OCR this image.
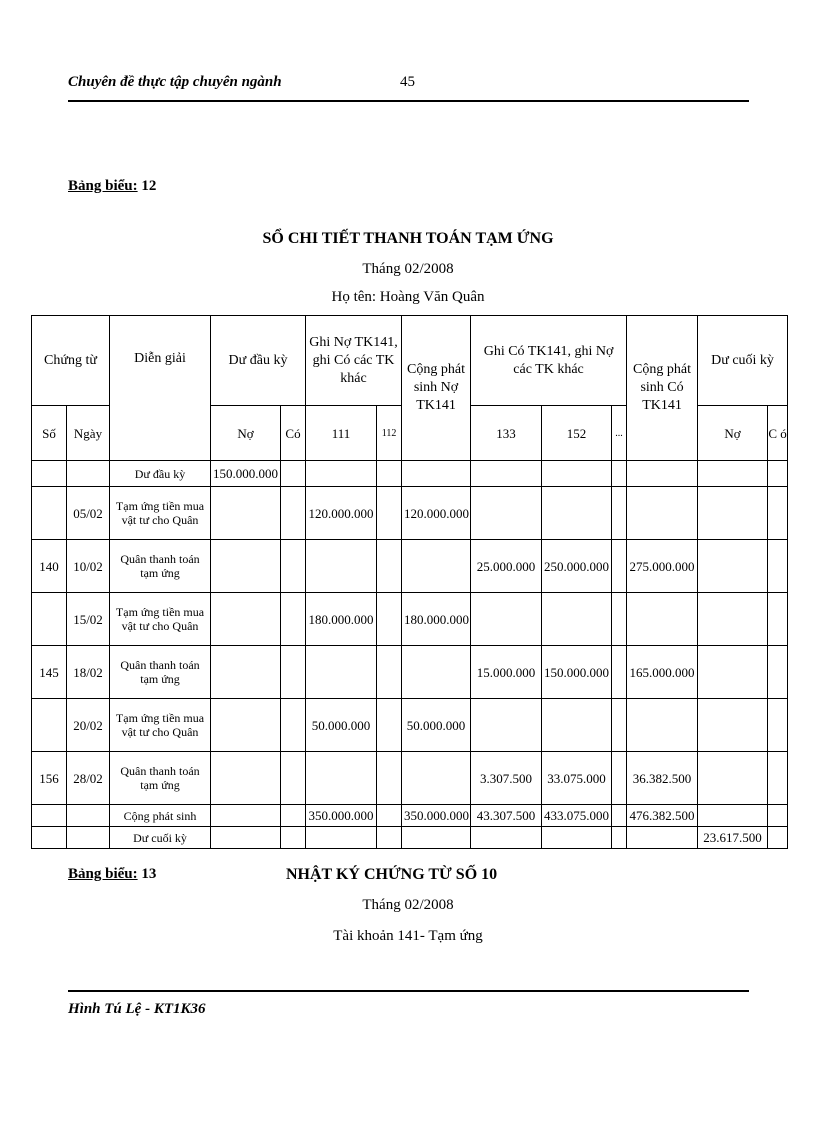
Chuyên đề thực tập chuyên ngành	45
Bảng biểu: 12
SỔ CHI TIẾT THANH TOÁN TẠM ỨNG
Tháng 02/2008
Họ tên: Hoàng Văn Quân
Chứng từ		Diễn giải	Dư đầu kỳ		Ghi Nợ TK141, ghi Có các TK khác		Cộng phát sinh Nợ TK141	Ghi Có TK141, ghi Nợ các TK khác			Cộng phát sinh Có TK141	Dư cuối kỳ	
Số	Ngày		Nợ	Có	111	112		133	152	...		Nợ	C ó
		Dư đầu kỳ	150.000.000										
	05/02	Tạm ứng tiền mua vật tư cho Quân			120.000.000		120.000.000						
140	10/02	Quân thanh toán tạm ứng						25.000.000	250.000.000		275.000.000		
	15/02	Tạm ứng tiền mua vật tư cho Quân			180.000.000		180.000.000						
145	18/02	Quân thanh toán tạm ứng						15.000.000	150.000.000		165.000.000		
	20/02	Tạm ứng tiền mua vật tư cho Quân			50.000.000		50.000.000						
156	28/02	Quân thanh toán tạm ứng						3.307.500	33.075.000		36.382.500		
		Cộng phát sinh			350.000.000		350.000.000	43.307.500	433.075.000		476.382.500		
		Dư cuối kỳ										23.617.500	
Bảng biểu: 13	NHẬT KÝ CHỨNG TỪ SỐ 10
Tháng 02/2008
Tài khoản 141- Tạm ứng
Hình Tú Lệ - KT1K36
